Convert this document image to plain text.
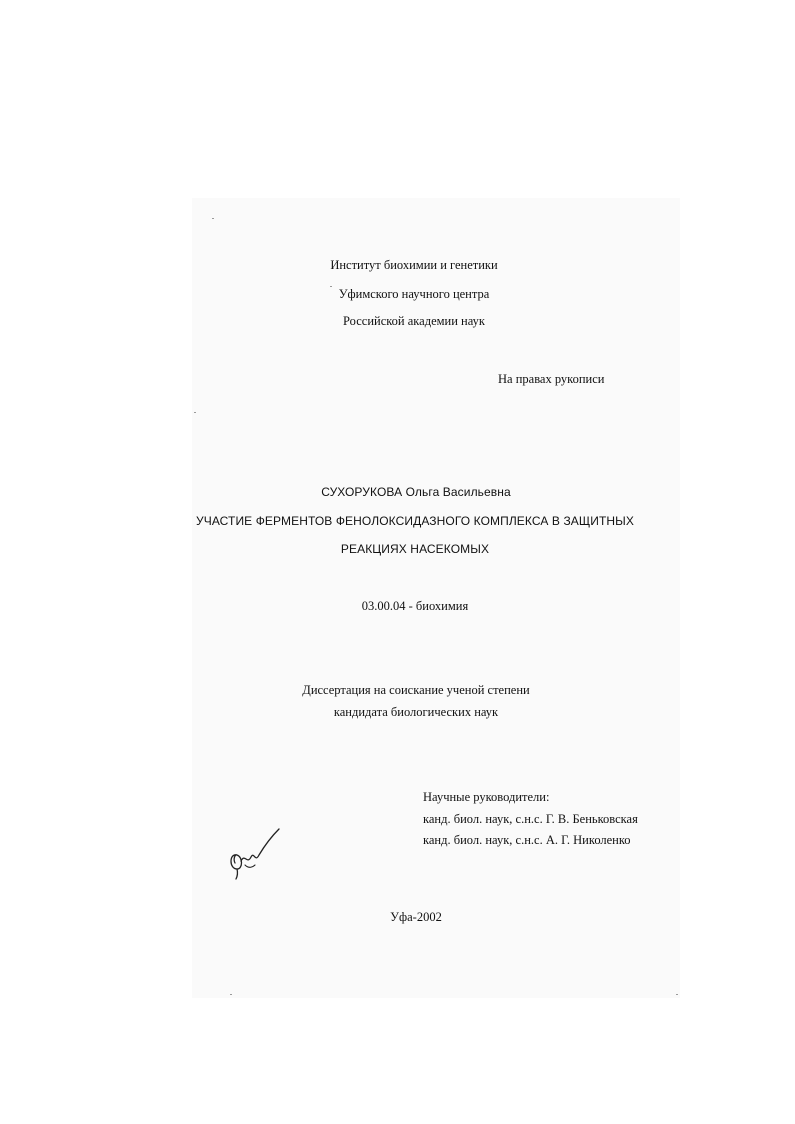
Институт биохимии и генетики

Уфимского научного центра

Российской академии наук

На правах рукописи

СУХОРУКОВА Ольга Васильевна

УЧАСТИЕ ФЕРМЕНТОВ ФЕНОЛОКСИДАЗНОГО КОМПЛЕКСА В ЗАЩИТНЫХ

РЕАКЦИЯХ НАСЕКОМЫХ

03.00.04 - биохимия

Диссертация на соискание ученой степени

кандидата биологических наук

Научные руководители:

канд. биол. наук, с.н.с. Г. В. Беньковская

канд. биол. наук, с.н.с. А. Г. Николенко

Уфа-2002
